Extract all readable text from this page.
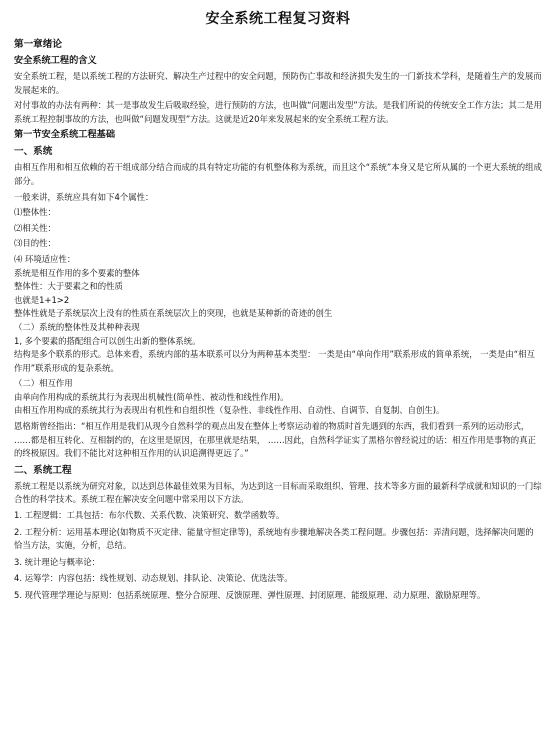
安全系统工程复习资料
第一章绪论
安全系统工程的含义
安全系统工程，是以系统工程的方法研究、解决生产过程中的安全问题，预防伤亡事故和经济损失发生的一门新技术学科，是随着生产的发展而发展起来的。
对付事故的办法有两种：其一是事故发生后吸取经验，进行预防的方法，也叫做“问题出发型”方法。是我们所说的传统安全工作方法；其二是用系统工程控制事故的方法，也叫做“问题发现型”方法。这就是近20年来发展起来的安全系统工程方法。
第一节安全系统工程基础
一、系统
由相互作用和相互依赖的若干组成部分结合而成的具有特定功能的有机整体称为系统，而且这个“系统”本身又是它所从属的一个更大系统的组成部分。
一般来讲，系统应具有如下4个属性：
⑴整体性：
⑵相关性：
⑶目的性：
⑷ 环境适应性：
系统是相互作用的多个要素的整体
整体性：大于要素之和的性质
也就是1+1>2
整体性就是子系统层次上没有的性质在系统层次上的突现，也就是某种新的奇迹的创生
（二）系统的整体性及其种种表现
1, 多个要素的搭配组合可以创生出新的整体系统。
结构是多个联系的形式。总体来看，系统内部的基本联系可以分为两种基本类型： 一类是由“单向作用”联系形成的简单系统， 一类是由“相互作用”联系形成的复杂系统。
（二）相互作用
由单向作用构成的系统其行为表现出机械性(简单性、被动性和线性作用)。
由相互作用构成的系统其行为表现出有机性和自组织性（复杂性、非线性作用、自动性、自调节、自复制、自创生)。
恩格斯曾经指出：“相互作用是我们从现今自然科学的观点出发在整体上考察运动着的物质时首先遇到的东西，我们看到一系列的运动形式， ……都是相互转化、互相制约的，在这里是原因，在那里就是结果， ……因此，自然科学证实了黑格尔曾经说过的话：相互作用是事物的真正的终极原因。我们不能比对这种相互作用的认识追溯得更远了。”
二、系统工程
系统工程是以系统为研究对象，以达到总体最佳效果为目标，为达到这一目标而采取组织、管理、技术等多方面的最新科学成就和知识的一门综合性的科学技术。系统工程在解决安全问题中常采用以下方法。
1. 工程逻辑：工具包括：布尔代数、关系代数、决策研究、数学函数等。
2. 工程分析：运用基本理论(如物质不灭定律、能量守恒定律等)，系统地有步骤地解决各类工程问题。步骤包括：弄清问题，选择解决问题的恰当方法，实施，分析，总结。
3. 统计理论与概率论：
4. 运筹学：内容包括：线性规划、动态规划、排队论、决策论、优选法等。
5. 现代管理学理论与原则：包括系统原理、整分合原理、反馈原理、弹性原理、封闭原理、能级原理、动力原理、激励原理等。
